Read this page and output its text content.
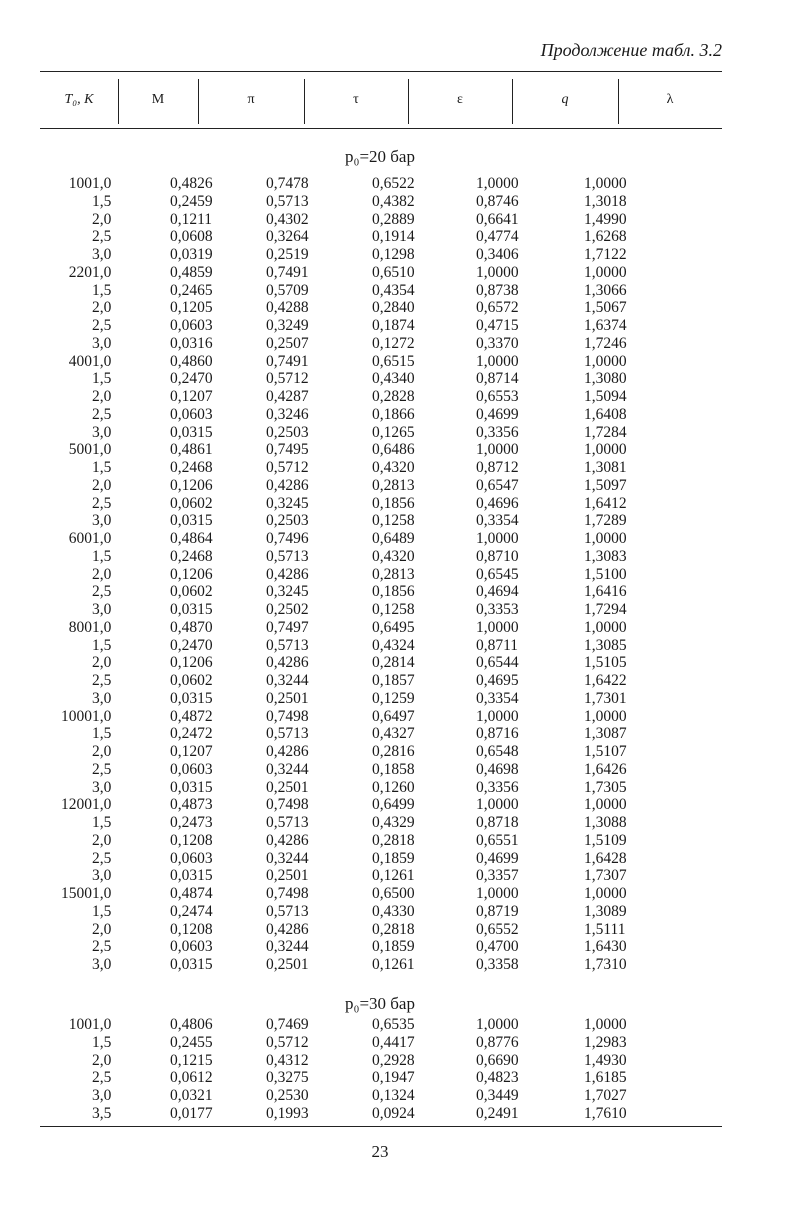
Продолжение табл. 3.2
T₀, К	M	π	τ	ε	q	λ
p₀=20 бар
100 1,0	0,4826	0,7478	0,6522	1,0000	1,0000
1,5	0,2459	0,5713	0,4382	0,8746	1,3018
2,0	0,1211	0,4302	0,2889	0,6641	1,4990
2,5	0,0608	0,3264	0,1914	0,4774	1,6268
3,0	0,0319	0,2519	0,1298	0,3406	1,7122
220 1,0	0,4859	0,7491	0,6510	1,0000	1,0000
1,5	0,2465	0,5709	0,4354	0,8738	1,3066
2,0	0,1205	0,4288	0,2840	0,6572	1,5067
2,5	0,0603	0,3249	0,1874	0,4715	1,6374
3,0	0,0316	0,2507	0,1272	0,3370	1,7246
400 1,0	0,4860	0,7491	0,6515	1,0000	1,0000
1,5	0,2470	0,5712	0,4340	0,8714	1,3080
2,0	0,1207	0,4287	0,2828	0,6553	1,5094
2,5	0,0603	0,3246	0,1866	0,4699	1,6408
3,0	0,0315	0,2503	0,1265	0,3356	1,7284
500 1,0	0,4861	0,7495	0,6486	1,0000	1,0000
1,5	0,2468	0,5712	0,4320	0,8712	1,3081
2,0	0,1206	0,4286	0,2813	0,6547	1,5097
2,5	0,0602	0,3245	0,1856	0,4696	1,6412
3,0	0,0315	0,2503	0,1258	0,3354	1,7289
600 1,0	0,4864	0,7496	0,6489	1,0000	1,0000
1,5	0,2468	0,5713	0,4320	0,8710	1,3083
2,0	0,1206	0,4286	0,2813	0,6545	1,5100
2,5	0,0602	0,3245	0,1856	0,4694	1,6416
3,0	0,0315	0,2502	0,1258	0,3353	1,7294
800 1,0	0,4870	0,7497	0,6495	1,0000	1,0000
1,5	0,2470	0,5713	0,4324	0,8711	1,3085
2,0	0,1206	0,4286	0,2814	0,6544	1,5105
2,5	0,0602	0,3244	0,1857	0,4695	1,6422
3,0	0,0315	0,2501	0,1259	0,3354	1,7301
1000 1,0	0,4872	0,7498	0,6497	1,0000	1,0000
1,5	0,2472	0,5713	0,4327	0,8716	1,3087
2,0	0,1207	0,4286	0,2816	0,6548	1,5107
2,5	0,0603	0,3244	0,1858	0,4698	1,6426
3,0	0,0315	0,2501	0,1260	0,3356	1,7305
1200 1,0	0,4873	0,7498	0,6499	1,0000	1,0000
1,5	0,2473	0,5713	0,4329	0,8718	1,3088
2,0	0,1208	0,4286	0,2818	0,6551	1,5109
2,5	0,0603	0,3244	0,1859	0,4699	1,6428
3,0	0,0315	0,2501	0,1261	0,3357	1,7307
1500 1,0	0,4874	0,7498	0,6500	1,0000	1,0000
1,5	0,2474	0,5713	0,4330	0,8719	1,3089
2,0	0,1208	0,4286	0,2818	0,6552	1,5111
2,5	0,0603	0,3244	0,1859	0,4700	1,6430
3,0	0,0315	0,2501	0,1261	0,3358	1,7310
p₀=30 бар
100 1,0	0,4806	0,7469	0,6535	1,0000	1,0000
1,5	0,2455	0,5712	0,4417	0,8776	1,2983
2,0	0,1215	0,4312	0,2928	0,6690	1,4930
2,5	0,0612	0,3275	0,1947	0,4823	1,6185
3,0	0,0321	0,2530	0,1324	0,3449	1,7027
3,5	0,0177	0,1993	0,0924	0,2491	1,7610
23
